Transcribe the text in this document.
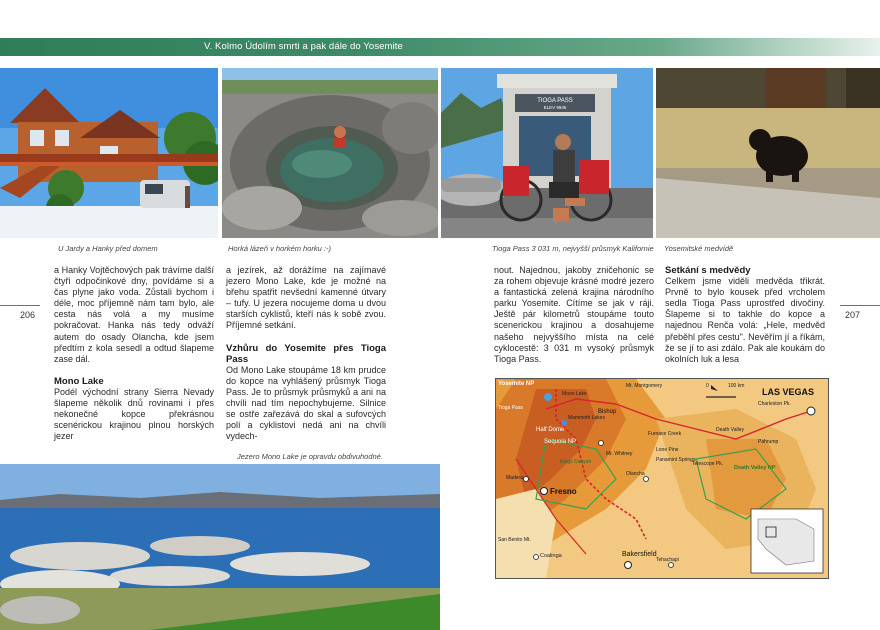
V. Kolmo Údolím smrti a pak dále do Yosemite
U Jardy a Hanky před domem	Horká lázeň v horkém horku :-)
TIOGA PASS
ELEV 9945
Tioga Pass 3 031 m, nejvyšší průsmyk Kalifornie Yosemitské medvídě
206	207

a Hanky Vojtěchových pak trávíme další čtyři odpočinkové dny, povídáme si a čas plyne jako voda. Zůstali bychom i déle, moc příjemně nám tam bylo, ale cesta nás volá a my musíme pokračovat. Hanka nás tedy odváží autem do osady Olancha, kde jsem předtím z kola sesedl a odtud šlapeme zase dál.

Mono Lake

Podél východní strany Sierra Nevady šlapeme několik dnů rovinami i přes nekonečné kopce překrásnou scenérickou krajinou plnou horských jezer

a jezírek, až dorážíme na zajímavé jezero Mono Lake, kde je možné na břehu spatřit nevšední kamenné útvary – tufy. U jezera nocujeme doma u dvou starších cyklistů, kteří nás k sobě zvou. Příjemné setkání.

Vzhůru do Yosemite přes Tioga Pass

Od Mono Lake stoupáme 18 km prudce do kopce na vyhlášený průsmyk Tioga Pass. Je to průsmyk průsmyků a ani na chvíli nad tím nepochybujeme. Silnice se ostře zařezává do skal a sufovcých polí a cyklistovi nedá ani na chvíli vydech-

Jezero Mono Lake je opravdu obdivuhodné.

nout. Najednou, jakoby zničehonic se za rohem objevuje krásné modré jezero a fantastická zelená krajina národního parku Yosemite. Cítíme se jak v ráji. Ještě pár kilometrů stoupáme touto scenerickou krajinou a dosahujeme našeho nejvyššího místa na celé cyklocestě: 3 031 m vysoký průsmyk Tioga Pass.

Setkání s medvědy

Celkem jsme viděli medvěda třikrát. Prvně to bylo kousek před vrcholem sedla Tioga Pass uprostřed divočiny. Šlapeme si to takhle do kopce a najednou Renča volá: „Hele, medvěd přeběhl přes cestu". Nevěřím jí a říkám, že se jí to asi zdálo. Pak ale koukám do okolních luk a lesa

LAS VEGAS
Yosemite NP
Tioga Pass
Mono Lake
Mammoth Lakes
Bishop
Mt. Whitney
Lone Pine
Olancha
Fresno
Madera
Bakersfield
Coalinga
Tehachapi
San Benito Mt.
Death Valley
Furnace Creek
Pahrump
Charleston Pk.
Panamint Springs
Telescope Pk.
Half Dome
Sequoia NP
Kings Canyon
Death Valley NP
Mt. Montgomery	0	100 km
